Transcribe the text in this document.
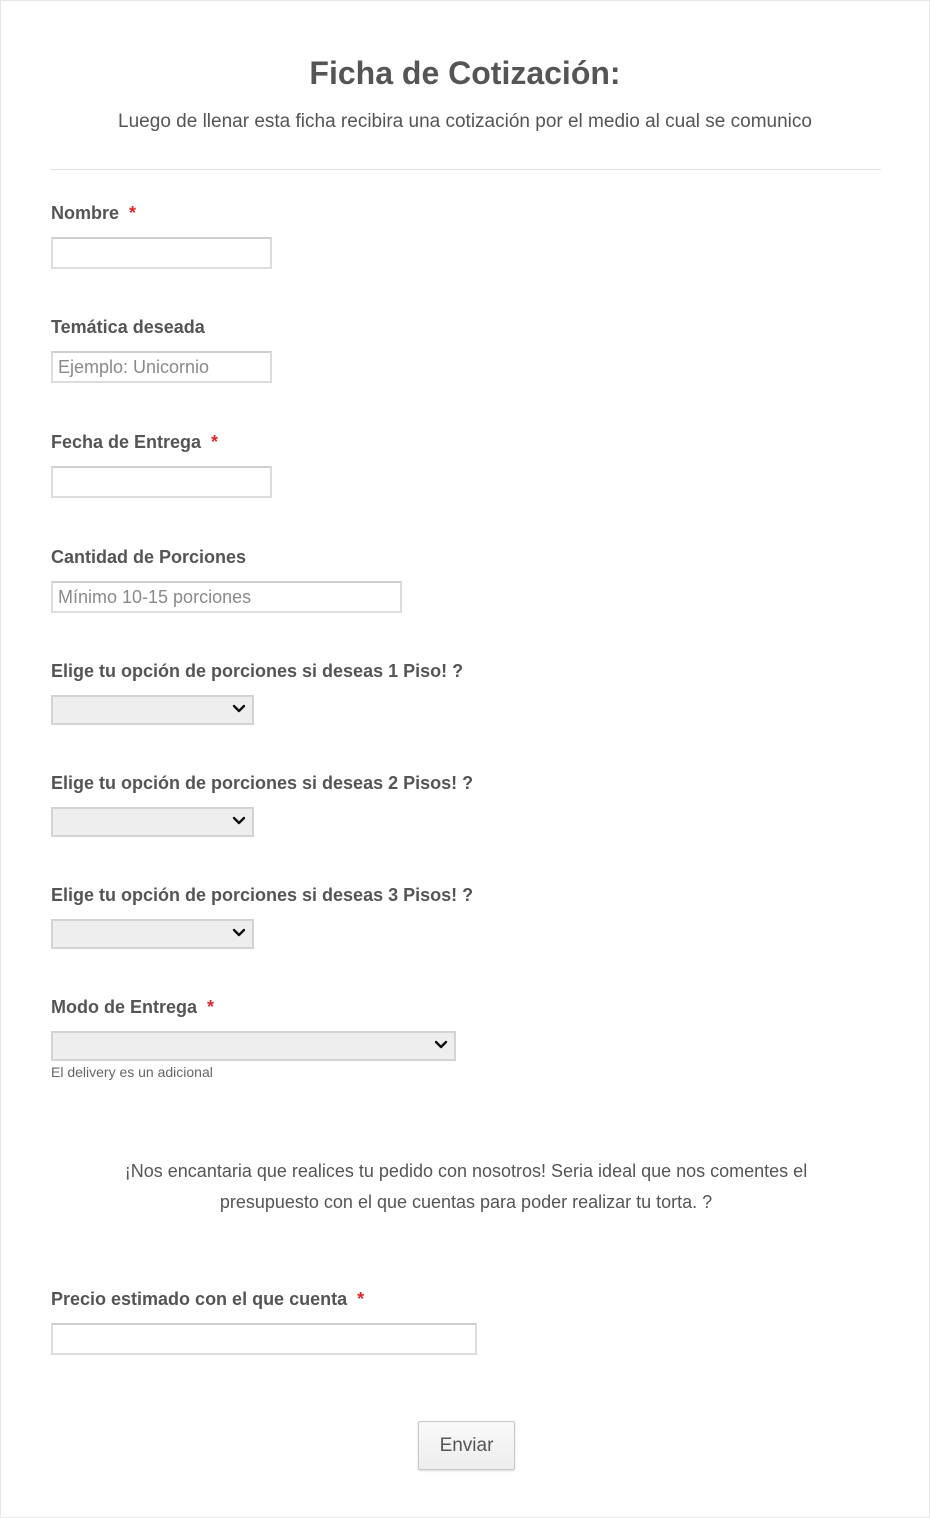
Ficha de Cotización:
Luego de llenar esta ficha recibira una cotización por el medio al cual se comunico
Nombre *
Temática deseada
Ejemplo: Unicornio
Fecha de Entrega *
Cantidad de Porciones
Mínimo 10-15 porciones
Elige tu opción de porciones si deseas 1 Piso! ?
Elige tu opción de porciones si deseas 2 Pisos! ?
Elige tu opción de porciones si deseas 3 Pisos! ?
Modo de Entrega *
El delivery es un adicional
¡Nos encantaria que realices tu pedido con nosotros! Seria ideal que nos comentes el
presupuesto con el que cuentas para poder realizar tu torta. ?
Precio estimado con el que cuenta *
Enviar
